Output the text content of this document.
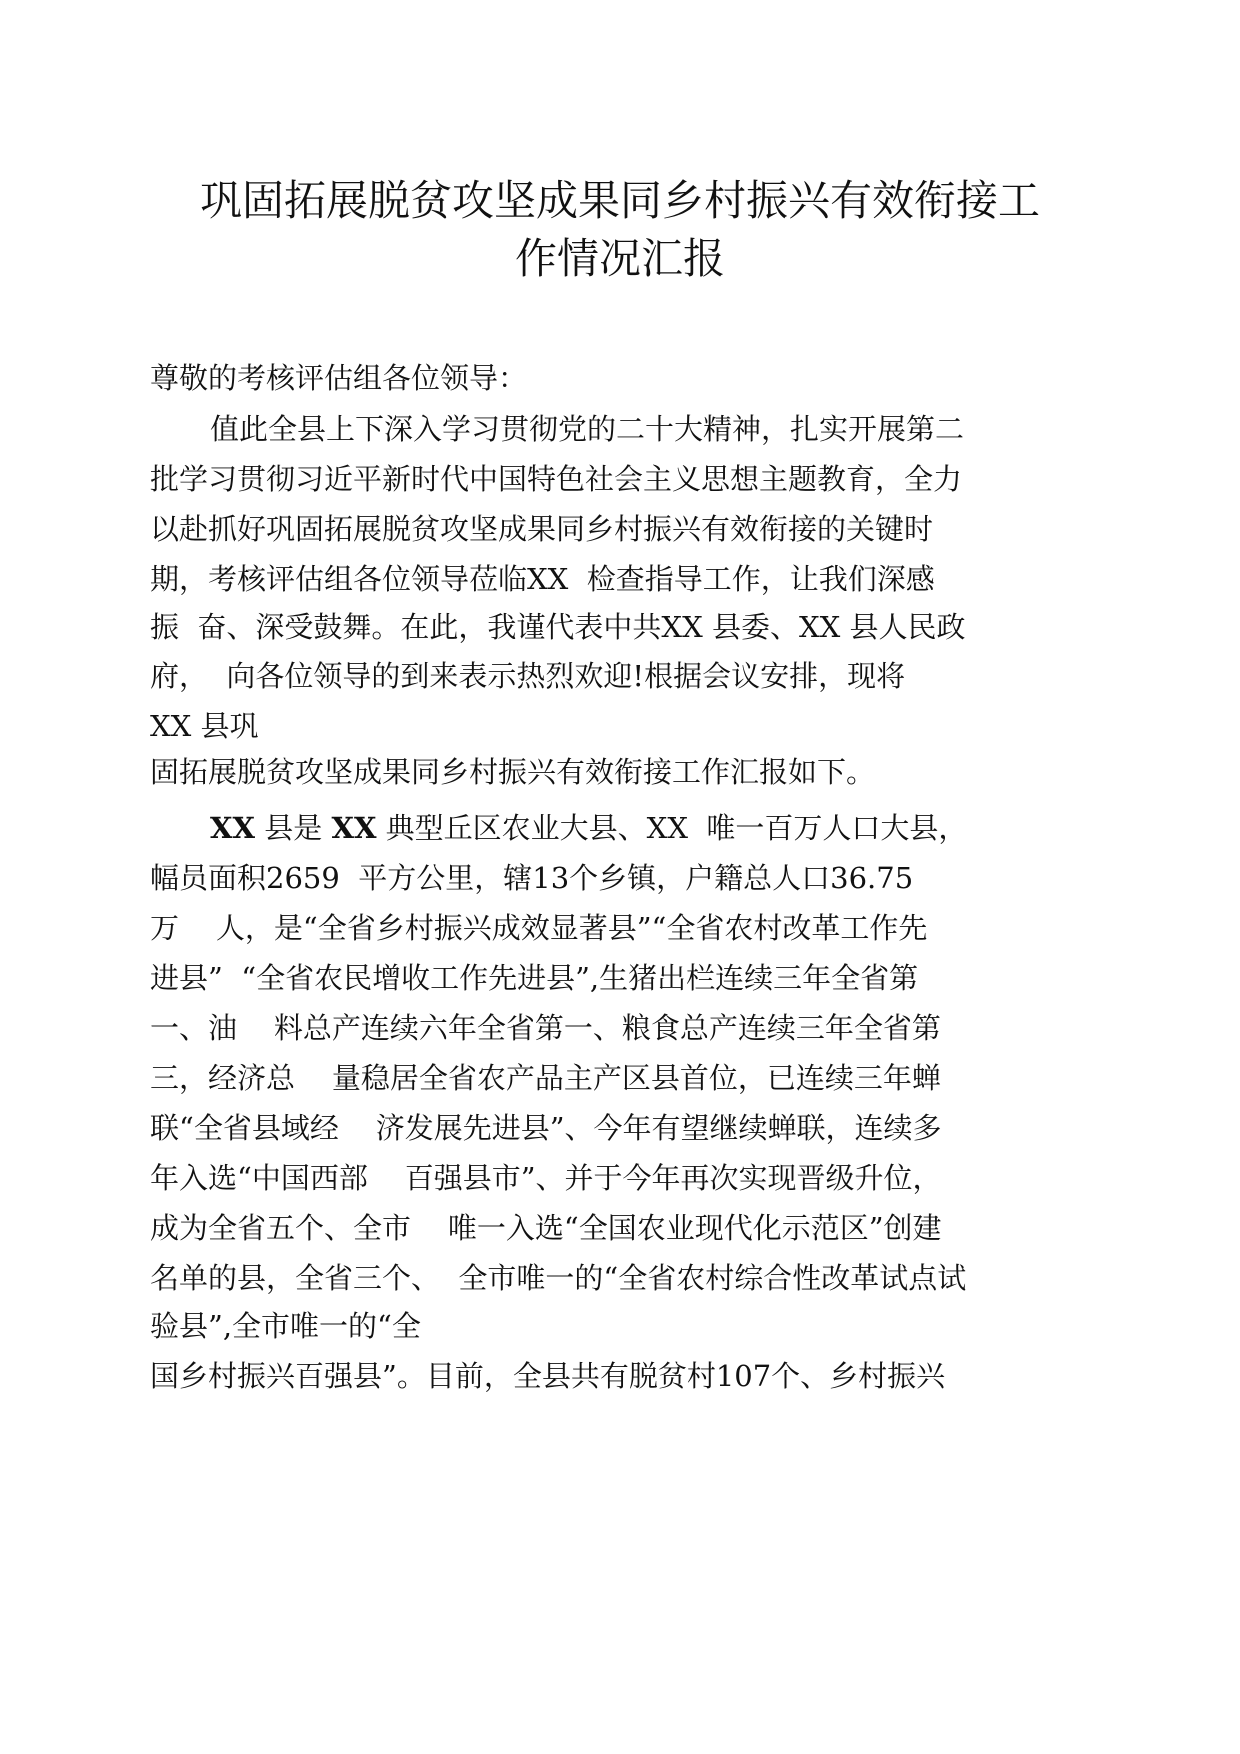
巩固拓展脱贫攻坚成果同乡村振兴有效衔接工
作情况汇报
尊敬的考核评估组各位领导：
值此全县上下深入学习贯彻党的二十大精神，扎实开展第二
批学习贯彻习近平新时代中国特色社会主义思想主题教育，全力
以赴抓好巩固拓展脱贫攻坚成果同乡村振兴有效衔接的关键时
期，考核评估组各位领导莅临XX  检查指导工作，让我们深感
振  奋、深受鼓舞。在此，我谨代表中共XX 县委、XX 县人民政
府，  向各位领导的到来表示热烈欢迎!根据会议安排，现将
XX 县巩
固拓展脱贫攻坚成果同乡村振兴有效衔接工作汇报如下。
XX 县是 XX 典型丘区农业大县、XX  唯一百万人口大县，
幅员面积2659  平方公里，辖13个乡镇，户籍总人口36.75
万    人，是“全省乡村振兴成效显著县”“全省农村改革工作先
进县”  “全省农民增收工作先进县”,生猪出栏连续三年全省第
一、油    料总产连续六年全省第一、粮食总产连续三年全省第
三，经济总    量稳居全省农产品主产区县首位，已连续三年蝉
联“全省县域经    济发展先进县”、今年有望继续蝉联，连续多
年入选“中国西部    百强县市”、并于今年再次实现晋级升位，
成为全省五个、全市    唯一入选“全国农业现代化示范区”创建
名单的县，全省三个、  全市唯一的“全省农村综合性改革试点试
验县”,全市唯一的“全
国乡村振兴百强县”。目前，全县共有脱贫村107个、乡村振兴
